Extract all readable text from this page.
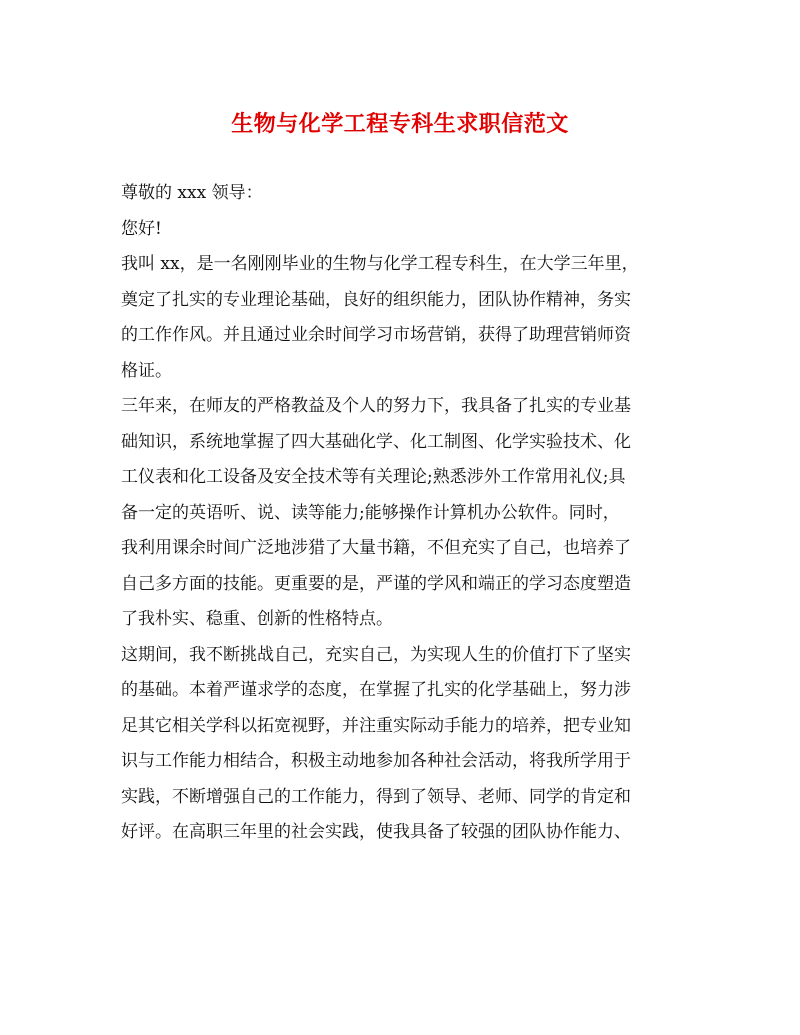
生物与化学工程专科生求职信范文
尊敬的 xxx 领导：
您好!
我叫 xx，是一名刚刚毕业的生物与化学工程专科生，在大学三年里，
奠定了扎实的专业理论基础，良好的组织能力，团队协作精神，务实
的工作作风。并且通过业余时间学习市场营销，获得了助理营销师资
格证。
三年来，在师友的严格教益及个人的努力下，我具备了扎实的专业基
础知识，系统地掌握了四大基础化学、化工制图、化学实验技术、化
工仪表和化工设备及安全技术等有关理论;熟悉涉外工作常用礼仪;具
备一定的英语听、说、读等能力;能够操作计算机办公软件。同时，
我利用课余时间广泛地涉猎了大量书籍，不但充实了自己，也培养了
自己多方面的技能。更重要的是，严谨的学风和端正的学习态度塑造
了我朴实、稳重、创新的性格特点。
这期间，我不断挑战自己，充实自己，为实现人生的价值打下了坚实
的基础。本着严谨求学的态度，在掌握了扎实的化学基础上，努力涉
足其它相关学科以拓宽视野，并注重实际动手能力的培养，把专业知
识与工作能力相结合，积极主动地参加各种社会活动，将我所学用于
实践，不断增强自己的工作能力，得到了领导、老师、同学的肯定和
好评。在高职三年里的社会实践，使我具备了较强的团队协作能力、
